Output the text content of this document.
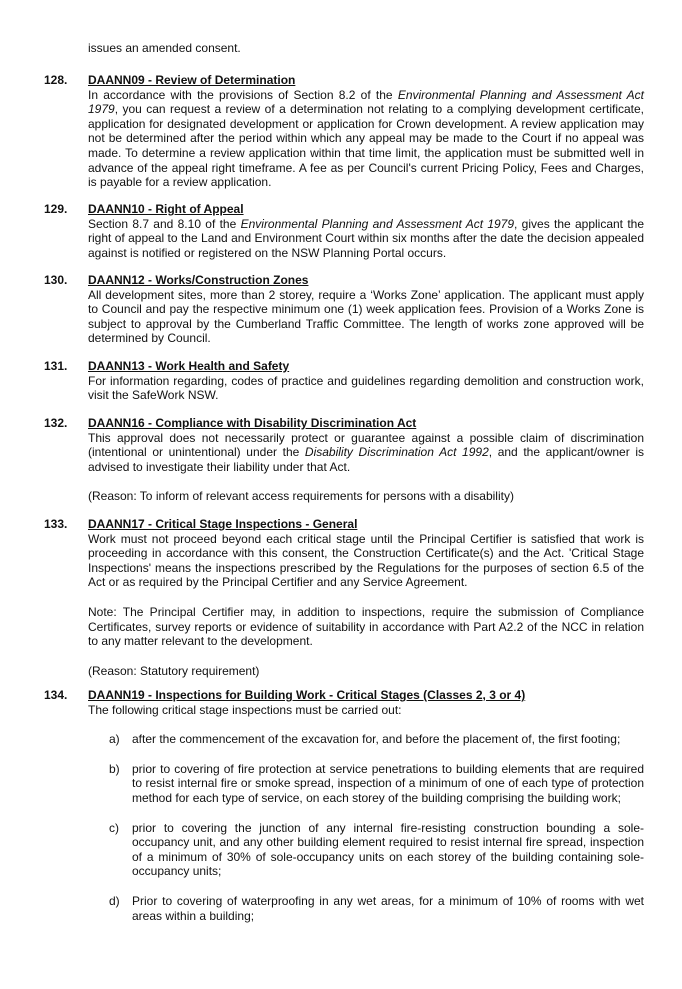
issues an amended consent.

128. DAANN09 - Review of Determination

In accordance with the provisions of Section 8.2 of the Environmental Planning and Assessment Act 1979, you can request a review of a determination not relating to a complying development certificate, application for designated development or application for Crown development. A review application may not be determined after the period within which any appeal may be made to the Court if no appeal was made. To determine a review application within that time limit, the application must be submitted well in advance of the appeal right timeframe. A fee as per Council's current Pricing Policy, Fees and Charges, is payable for a review application.

129. DAANN10 - Right of Appeal

Section 8.7 and 8.10 of the Environmental Planning and Assessment Act 1979, gives the applicant the right of appeal to the Land and Environment Court within six months after the date the decision appealed against is notified or registered on the NSW Planning Portal occurs.

130. DAANN12 - Works/Construction Zones

All development sites, more than 2 storey, require a ‘Works Zone’ application. The applicant must apply to Council and pay the respective minimum one (1) week application fees. Provision of a Works Zone is subject to approval by the Cumberland Traffic Committee. The length of works zone approved will be determined by Council.

131. DAANN13 - Work Health and Safety

For information regarding, codes of practice and guidelines regarding demolition and construction work, visit the SafeWork NSW.

132. DAANN16 - Compliance with Disability Discrimination Act

This approval does not necessarily protect or guarantee against a possible claim of discrimination (intentional or unintentional) under the Disability Discrimination Act 1992, and the applicant/owner is advised to investigate their liability under that Act.

(Reason: To inform of relevant access requirements for persons with a disability)

133. DAANN17 - Critical Stage Inspections - General

Work must not proceed beyond each critical stage until the Principal Certifier is satisfied that work is proceeding in accordance with this consent, the Construction Certificate(s) and the Act. 'Critical Stage Inspections' means the inspections prescribed by the Regulations for the purposes of section 6.5 of the Act or as required by the Principal Certifier and any Service Agreement.

Note: The Principal Certifier may, in addition to inspections, require the submission of Compliance Certificates, survey reports or evidence of suitability in accordance with Part A2.2 of the NCC in relation to any matter relevant to the development.

(Reason: Statutory requirement)

134. DAANN19 - Inspections for Building Work - Critical Stages (Classes 2, 3 or 4)

The following critical stage inspections must be carried out:

a) after the commencement of the excavation for, and before the placement of, the first footing;
b) prior to covering of fire protection at service penetrations to building elements that are required to resist internal fire or smoke spread, inspection of a minimum of one of each type of protection method for each type of service, on each storey of the building comprising the building work;
c) prior to covering the junction of any internal fire-resisting construction bounding a sole-occupancy unit, and any other building element required to resist internal fire spread, inspection of a minimum of 30% of sole-occupancy units on each storey of the building containing sole-occupancy units;
d) Prior to covering of waterproofing in any wet areas, for a minimum of 10% of rooms with wet areas within a building;
